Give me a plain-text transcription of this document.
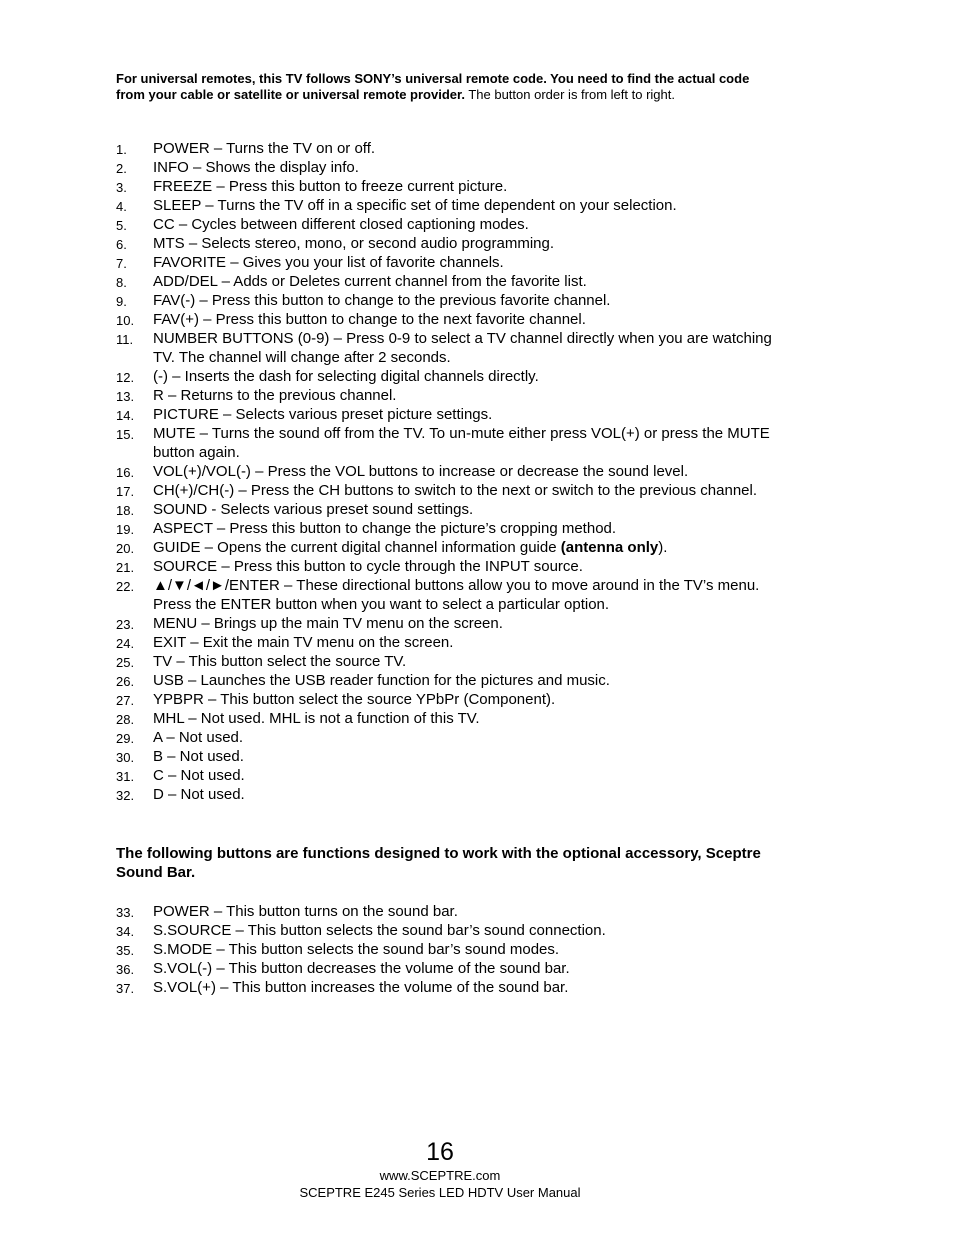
For universal remotes, this TV follows SONY’s universal remote code. You need to find the actual code from your cable or satellite or universal remote provider. The button order is from left to right.
1. POWER – Turns the TV on or off.
2. INFO – Shows the display info.
3. FREEZE – Press this button to freeze current picture.
4. SLEEP – Turns the TV off in a specific set of time dependent on your selection.
5. CC – Cycles between different closed captioning modes.
6. MTS – Selects stereo, mono, or second audio programming.
7. FAVORITE – Gives you your list of favorite channels.
8. ADD/DEL – Adds or Deletes current channel from the favorite list.
9. FAV(-) – Press this button to change to the previous favorite channel.
10. FAV(+) – Press this button to change to the next favorite channel.
11. NUMBER BUTTONS (0-9) – Press 0-9 to select a TV channel directly when you are watching TV. The channel will change after 2 seconds.
12. (-) – Inserts the dash for selecting digital channels directly.
13. R – Returns to the previous channel.
14. PICTURE – Selects various preset picture settings.
15. MUTE – Turns the sound off from the TV. To un-mute either press VOL(+) or press the MUTE button again.
16. VOL(+)/VOL(-) – Press the VOL buttons to increase or decrease the sound level.
17. CH(+)/CH(-) – Press the CH buttons to switch to the next or switch to the previous channel.
18. SOUND - Selects various preset sound settings.
19. ASPECT – Press this button to change the picture’s cropping method.
20. GUIDE – Opens the current digital channel information guide (antenna only).
21. SOURCE – Press this button to cycle through the INPUT source.
22. ▲/▼/◄/►/ENTER – These directional buttons allow you to move around in the TV’s menu. Press the ENTER button when you want to select a particular option.
23. MENU – Brings up the main TV menu on the screen.
24. EXIT – Exit the main TV menu on the screen.
25. TV – This button select the source TV.
26. USB – Launches the USB reader function for the pictures and music.
27. YPBPR – This button select the source YPbPr (Component).
28. MHL – Not used. MHL is not a function of this TV.
29. A – Not used.
30. B – Not used.
31. C – Not used.
32. D – Not used.
The following buttons are functions designed to work with the optional accessory, Sceptre Sound Bar.
33. POWER – This button turns on the sound bar.
34. S.SOURCE – This button selects the sound bar’s sound connection.
35. S.MODE – This button selects the sound bar’s sound modes.
36. S.VOL(-) – This button decreases the volume of the sound bar.
37. S.VOL(+) – This button increases the volume of the sound bar.
16
www.SCEPTRE.com
SCEPTRE E245 Series LED HDTV User Manual
